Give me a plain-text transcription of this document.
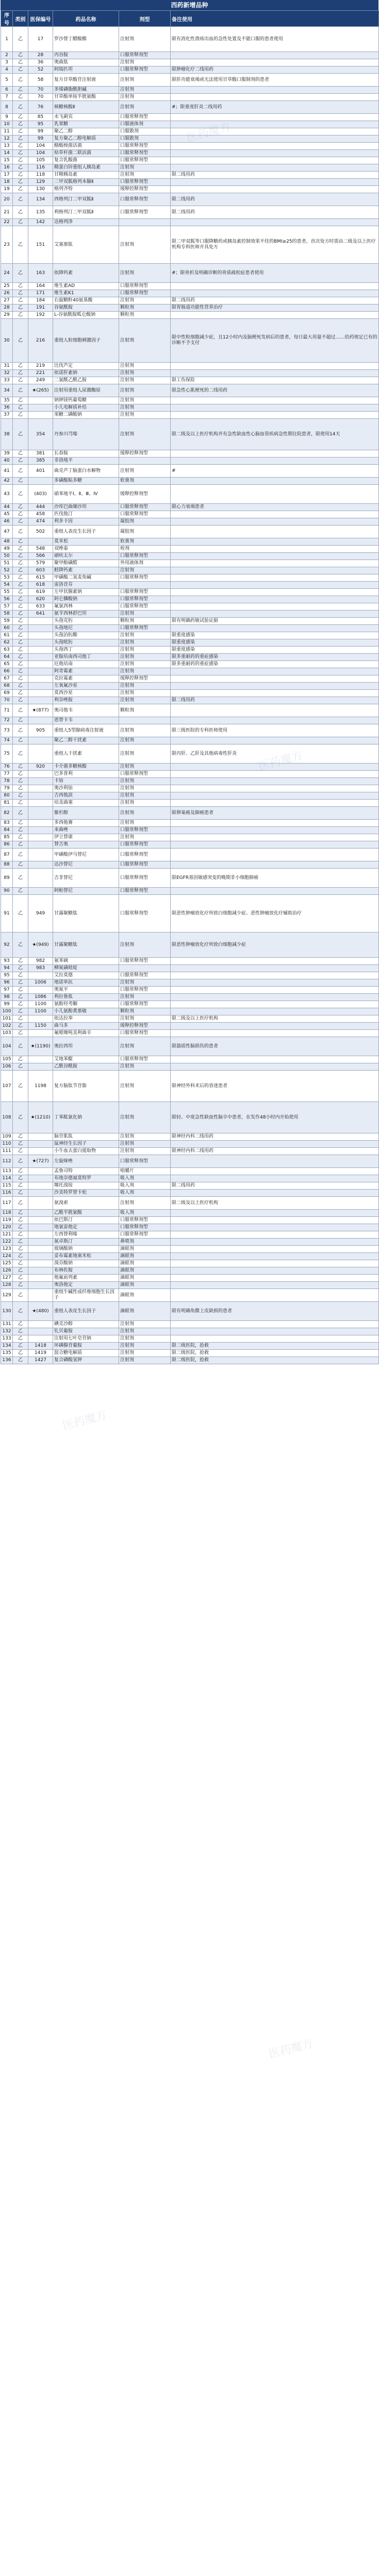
西药新增品种
序号	类别	医保编号	药品名称	剂型	备注使用
1	乙	17	罗沙替丁醋酸酯	注射剂	限有消化性溃疡出血的急性处置及不能口服的患者使用
2	乙	28	丙谷胺	口服常释剂型	
3	乙	36	奥曲肽	注射剂	
4	乙	52	阿瑞匹坦	口服常释剂型	限肿瘤化疗二线用药
5	乙	58	复方甘草酸苷注射液	注射剂	限肝功能衰竭或无法使用甘草酸口服制剂的患者
6	乙	70	多烯磷脂酰胆碱	注射剂	
7	乙	70	甘草酸单铵半胱氨酸	注射剂	
8	乙	76	核糖核酸Ⅱ	注射剂	#；限重度肝炎二线用药
9	乙	85	水飞蓟宾	口服常释剂型	
10	乙	95	乳果糖	口服液体剂	
11	乙	99	聚乙二醇	口服散剂	
12	乙	99	复方聚乙二醇电解质	口服散剂	
13	乙	104	酪酸梭菌活菌	口服常释剂型	
14	乙	104	枯草杆菌二联活菌	口服常释剂型	
15	乙	105	复合乳酸菌	口服常释剂型	
16	乙	116	精蛋白锌重组人胰岛素	注射剂	
17	乙	118	甘精胰岛素	注射剂	限二线用药
18	乙	129	二甲双胍格列本脲Ⅱ	口服常释剂型	
19	乙	130	格列齐特	缓释控释剂型	
20	乙	134	西格列汀二甲双胍Ⅱ	口服常释剂型	限二线用药
21	乙	135	利格列汀二甲双胍Ⅱ	口服常释剂型	限二线用药
22	乙	142	达格列净		
23	乙	151	艾塞那肽	注射剂	限二甲双胍等口服降糖药或胰岛素控制效果不佳的BMI≥25的患者，首次处方时需由二级及以上医疗机构专科医师开具处方
24	乙	163	依降钙素	注射剂	#；限骨折及明确诊断的骨质疏松症患者使用
25	乙	164	维生素AD	口服常释剂型	
26	乙	171	维生素K1	口服常释剂型	
27	乙	184	右旋糖酐40氨基酸	注射剂	限二线用药
28	乙	191	谷氨酰胺	颗粒剂	限胃肠道功能性营养治疗
29	乙	192	L-谷氨酰胺呱仑酸钠	颗粒剂	
30	乙	216	重组人粒细胞刺激因子	注射剂	限中性粒细胞减少症，且12小时内及脑梗死发病后的患者，每日最大用量不超过……给药规定已有的诊断不予支付
31	乙	219	比伐芦定	注射剂	
32	乙	221	依诺肝素钠	注射剂	
33	乙	249	二氯酰乙酰乙胺	注射剂	限工伤保险
34	乙	★(265)	注射用重组人尿激酶原	注射剂	限急性心肌梗死的二线用药
35	乙		钠钾镁钙葡萄糖	注射剂	
36	乙		小儿电解质补给	注射剂	
37	乙		果糖二磷酸钠	注射剂	
38	乙	354	丹参川芎嗪	注射剂	限二级及以上医疗机构并有急性缺血性心脑血管疾病急性期住院患者，限使用14天
39	乙	381	长春胺	缓释控释剂型	
40	乙	385	非洛地平		
41	乙	401	曲克芦丁脑蛋白水解物	注射剂	#
42	乙		多磺酸粘多糖	软膏剂	
43	乙	(403)	硝苯地平Ⅰ、Ⅱ、Ⅲ、Ⅳ	缓释控释剂型	
44	乙	444	沙库巴曲缬沙坦	口服常释剂型	限心力衰竭患者
45	乙	458	匹伐他汀	口服常释剂型	
46	乙	474	利多卡因	凝胶剂	
47	乙	502	重组人表皮生长因子	凝胶剂	
48	乙		莫米松	软膏剂	
49	乙	548	双唑泰	栓剂	
50	乙	566	硝呋太尔	口服常释剂型	
51	乙	579	聚甲酚磺醛	外用液体剂	
52	乙	603	鲑降钙素	注射剂	
53	乙	615	甲磺酸二氢麦角碱	口服常释剂型	
54	乙	618	雷洛昔芬		
55	乙	619	左甲状腺素钠	口服常释剂型	
56	乙	620	阿仑膦酸钠	口服常释剂型	
57	乙	633	氟氯西林	口服常释剂型	
58	乙	641	氨苄西林舒巴坦	注射剂	
59	乙		头孢克肟	颗粒剂	限有明确药敏试验证据
60	乙		头孢地尼	口服常释剂型	
61	乙		头孢泊肟酯	注射剂	限重度感染
62	乙		头孢吡肟	注射剂	限重度感染
63	乙		头孢西丁	注射剂	限重度感染
64	乙		亚胺培南西司他丁	注射剂	限多重耐药的重症感染
65	乙		厄他培南	注射剂	限多重耐药的重症感染
66	乙		阿奇霉素	注射剂	
67	乙		克拉霉素	缓释控释剂型	
68	乙		左氧氟沙星	注射剂	
69	乙		莫西沙星	注射剂	
70	乙		利奈唑胺	注射剂	限二线用药
71	乙	★(877)	奥司他韦	颗粒剂	
72	乙		恩替卡韦		
73	乙	905	重组人5型腺病毒注射液	注射剂	限三级医院的专科医师使用
74	乙		聚乙二醇干扰素	注射剂	
75	乙		重组人干扰素	注射剂	限丙肝、乙肝及其他病毒性肝炎
76	乙	920	卡介菌多糖核酸	注射剂	
77	乙		巴多普利	口服常释剂型	
78	乙		卡铂	注射剂	
79	乙		奥沙利铂	注射剂	
80	乙		吉西他滨	注射剂	
81	乙		培美曲塞	注射剂	
82	乙		紫杉醇	注射剂	限卵巢癌及肺癌患者
83	乙		多西他赛	注射剂	
84	乙		来曲唑	口服常释剂型	
85	乙		伊立替康	注射剂	
86	乙		替吉奥	口服常释剂型	
87	乙		甲磺酸伊马替尼	口服常释剂型	
88	乙		达沙替尼	口服常释剂型	
89	乙		吉非替尼	口服常释剂型	限EGFR基因敏感突变的晚期非小细胞肺癌
90	乙		阿帕替尼	口服常释剂型	
91	乙	949	甘露聚糖肽	口服常释剂型	限恶性肿瘤放化疗所致白细胞减少症、恶性肿瘤放化疗辅助治疗
92	乙	★(949)	甘露聚糖肽	注射剂	限恶性肿瘤放化疗所致白细胞减少症
93	乙	982	氨苯砜	口服常释剂型	
94	乙	983	柳氮磺吡啶		
95	乙		艾拉莫德	口服常释剂型	
96	乙	1006	地诺单抗	注射剂	
97	乙		奥氮平	口服常释剂型	
98	乙	1086	利拉鲁肽	注射剂	
99	乙	1100	氨酚羟考酮	口服常释剂型	
100	乙	1100	小儿氨酚黄那敏	颗粒剂	
101	乙		依达拉奉	注射剂	限二级及以上医疗机构
102	乙	1150	曲马多	缓释控释剂型	
103	乙		氟哌噻吨美利曲辛	口服常释剂型	
104	乙	★(1190)	奥拉西坦	注射剂	限器质性脑损伤的患者
105	乙		艾地苯醌	口服常释剂型	
106	乙		乙酰谷酰胺	注射剂	
107	乙	1198	复方脑肽节苷脂	注射剂	限神经外科术后的昏迷患者
108	乙	★(1210)	丁苯酞氯化钠	注射剂	限轻、中度急性缺血性脑卒中患者，在发作48小时内开始使用
109	乙		脑苷肌肽	注射剂	限神经内科二线用药
110	乙		鼠神经生长因子	注射剂	
111	乙		小牛血去蛋白提取物	注射剂	限神经内科二线用药
112	乙	★(727)	左旋咪唑	口服常释剂型	
113	乙		孟鲁司特	咀嚼片	
114	乙		布地奈德福莫特罗	吸入剂	
115	乙		噻托溴铵	吸入剂	限二线用药
116	乙		沙美特罗替卡松	吸入剂	
117	乙		氨溴索	注射剂	限二级及以上医疗机构
118	乙		乙酰半胱氨酸	吸入剂	
119	乙		依巴斯汀	口服常释剂型	
120	乙		地氯雷他定	口服常释剂型	
121	乙		左西替利嗪	口服常释剂型	
122	乙		氮卓斯汀	鼻喷剂	
123	乙		玻璃酸钠	滴眼剂	
124	乙		妥布霉素地塞米松	滴眼剂	
125	乙		溴芬酸钠	滴眼剂	
126	乙		布林佐胺	滴眼剂	
127	乙		他氟前列素	滴眼剂	
128	乙		奥洛他定	滴眼剂	
129	乙		重组牛碱性成纤维细胞生长因子	滴眼剂	
130	乙	★(480)	重组人表皮生长因子	滴眼剂	限有明确角膜上皮缺损的患者
131	乙		碘克沙醇	注射剂	
132	乙		钆贝葡胺	注射剂	
133	乙		注射用七叶皂苷钠	注射剂	
134	乙	1418	环磷腺苷葡胺	注射剂	限二级医院，抢救
135	乙	1419	混合糖电解质	注射剂	限二级医院，抢救
136	乙	1427	复合磷酸氢钾	注射剂	限二级医院，抢救
医药魔方
医药魔方
